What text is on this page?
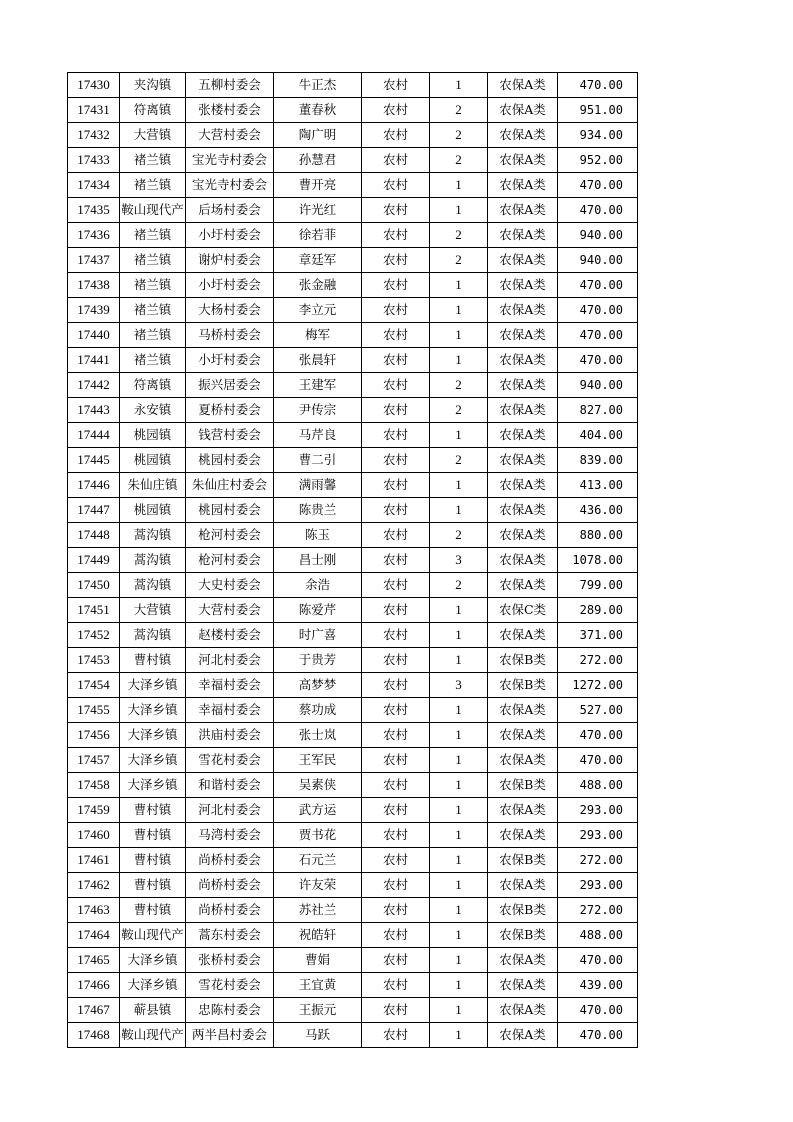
17430	夹沟镇	五柳村委会	牛正杰	农村	1	农保A类	470.00
17431	符离镇	张楼村委会	董春秋	农村	2	农保A类	951.00
17432	大营镇	大营村委会	陶广明	农村	2	农保A类	934.00
17433	褚兰镇	宝光寺村委会	孙慧君	农村	2	农保A类	952.00
17434	褚兰镇	宝光寺村委会	曹开亮	农村	1	农保A类	470.00
17435	鞍山现代产	后场村委会	许光红	农村	1	农保A类	470.00
17436	褚兰镇	小圩村委会	徐若菲	农村	2	农保A类	940.00
17437	褚兰镇	谢炉村委会	章廷军	农村	2	农保A类	940.00
17438	褚兰镇	小圩村委会	张金融	农村	1	农保A类	470.00
17439	褚兰镇	大杨村委会	李立元	农村	1	农保A类	470.00
17440	褚兰镇	马桥村委会	梅军	农村	1	农保A类	470.00
17441	褚兰镇	小圩村委会	张晨轩	农村	1	农保A类	470.00
17442	符离镇	振兴居委会	王建军	农村	2	农保A类	940.00
17443	永安镇	夏桥村委会	尹传宗	农村	2	农保A类	827.00
17444	桃园镇	钱营村委会	马芹良	农村	1	农保A类	404.00
17445	桃园镇	桃园村委会	曹二引	农村	2	农保A类	839.00
17446	朱仙庄镇	朱仙庄村委会	满雨馨	农村	1	农保A类	413.00
17447	桃园镇	桃园村委会	陈贵兰	农村	1	农保A类	436.00
17448	蒿沟镇	枪河村委会	陈玉	农村	2	农保A类	880.00
17449	蒿沟镇	枪河村委会	昌士刚	农村	3	农保A类	1078.00
17450	蒿沟镇	大史村委会	余浩	农村	2	农保A类	799.00
17451	大营镇	大营村委会	陈爱芹	农村	1	农保C类	289.00
17452	蒿沟镇	赵楼村委会	时广喜	农村	1	农保A类	371.00
17453	曹村镇	河北村委会	于贵芳	农村	1	农保B类	272.00
17454	大泽乡镇	幸福村委会	高梦梦	农村	3	农保B类	1272.00
17455	大泽乡镇	幸福村委会	蔡功成	农村	1	农保A类	527.00
17456	大泽乡镇	洪庙村委会	张士岚	农村	1	农保A类	470.00
17457	大泽乡镇	雪花村委会	王军民	农村	1	农保A类	470.00
17458	大泽乡镇	和谐村委会	吴素侠	农村	1	农保B类	488.00
17459	曹村镇	河北村委会	武方运	农村	1	农保A类	293.00
17460	曹村镇	马湾村委会	贾书花	农村	1	农保A类	293.00
17461	曹村镇	尚桥村委会	石元兰	农村	1	农保B类	272.00
17462	曹村镇	尚桥村委会	许友荣	农村	1	农保A类	293.00
17463	曹村镇	尚桥村委会	苏社兰	农村	1	农保B类	272.00
17464	鞍山现代产	蒿东村委会	祝皓轩	农村	1	农保B类	488.00
17465	大泽乡镇	张桥村委会	曹娟	农村	1	农保A类	470.00
17466	大泽乡镇	雪花村委会	王宜黄	农村	1	农保A类	439.00
17467	蕲县镇	忠陈村委会	王振元	农村	1	农保A类	470.00
17468	鞍山现代产	两半昌村委会	马跃	农村	1	农保A类	470.00
